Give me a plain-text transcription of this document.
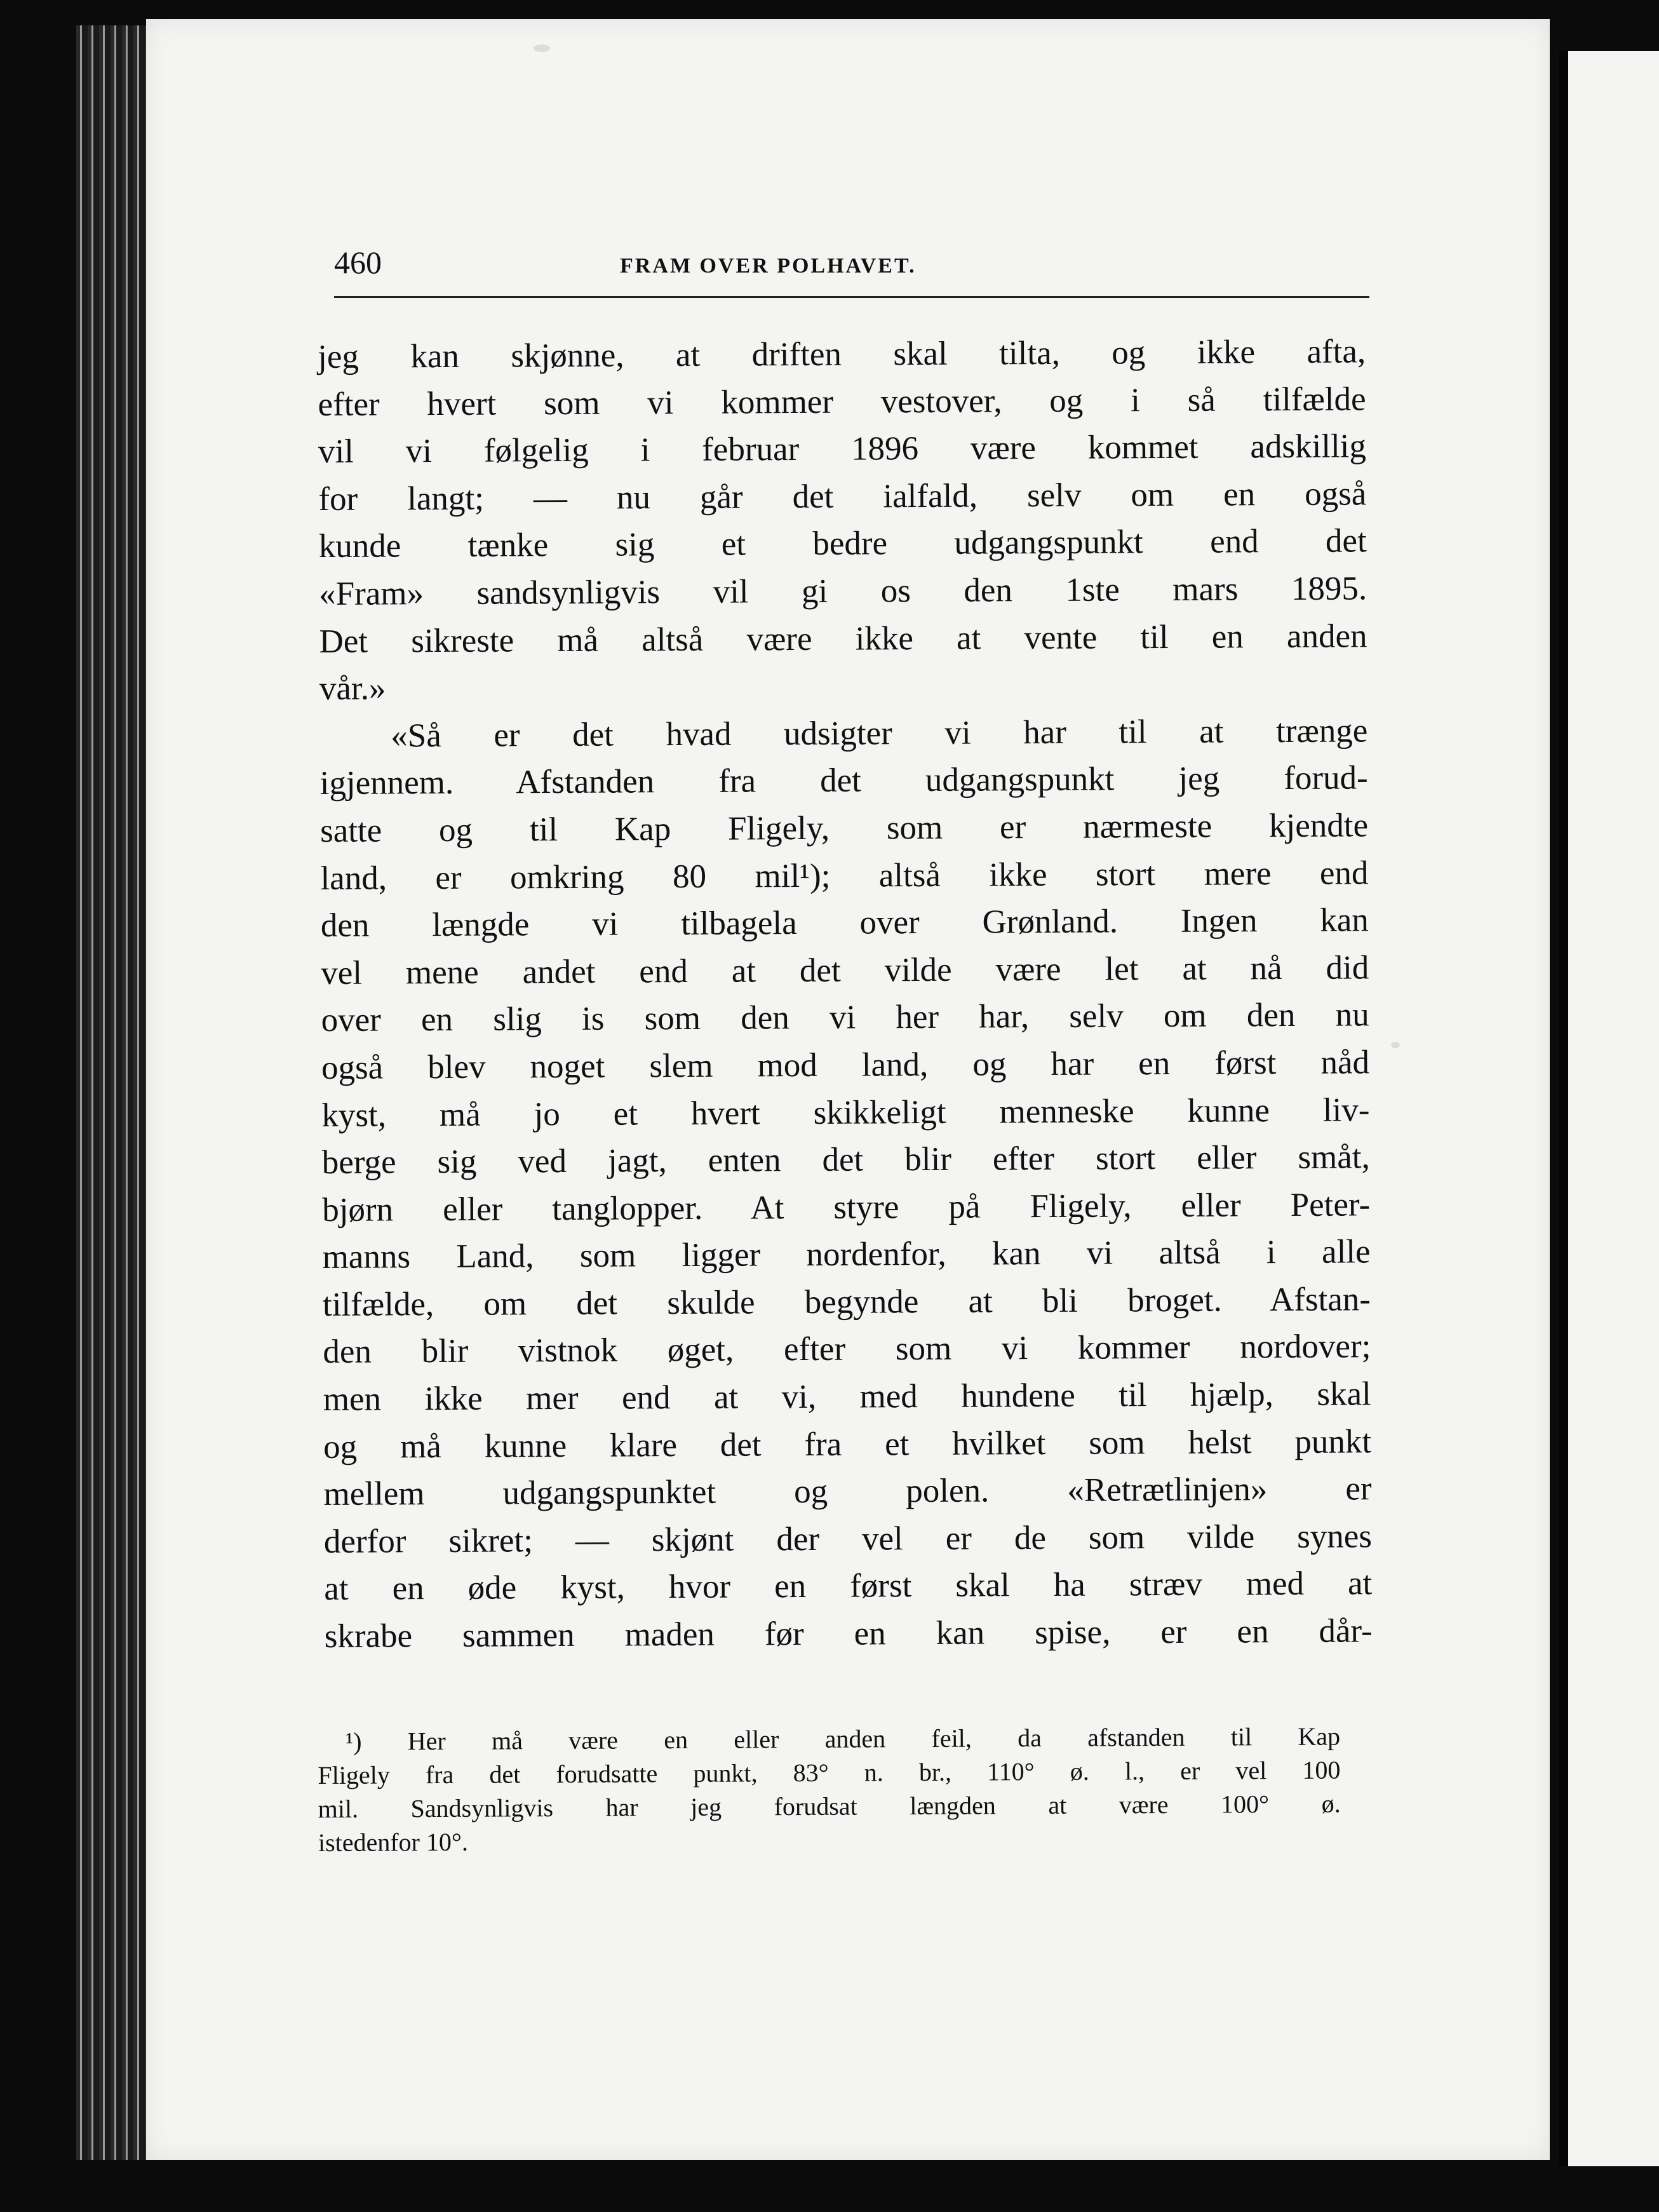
460	FRAM OVER POLHAVET.
jeg kan skjønne, at driften skal tilta, og ikke afta,
efter hvert som vi kommer vestover, og i så tilfælde
vil vi følgelig i februar 1896 være kommet adskillig
for langt; — nu går det ialfald, selv om en også
kunde tænke sig et bedre udgangspunkt end det
«Fram» sandsynligvis vil gi os den 1ste mars 1895.
Det sikreste må altså være ikke at vente til en anden
vår.»
«Så er det hvad udsigter vi har til at trænge
igjennem. Afstanden fra det udgangspunkt jeg forud-
satte og til Kap Fligely, som er nærmeste kjendte
land, er omkring 80 mil¹); altså ikke stort mere end
den længde vi tilbagela over Grønland. Ingen kan
vel mene andet end at det vilde være let at nå did
over en slig is som den vi her har, selv om den nu
også blev noget slem mod land, og har en først nåd
kyst, må jo et hvert skikkeligt menneske kunne liv-
berge sig ved jagt, enten det blir efter stort eller småt,
bjørn eller tanglopper. At styre på Fligely, eller Peter-
manns Land, som ligger nordenfor, kan vi altså i alle
tilfælde, om det skulde begynde at bli broget. Afstan-
den blir vistnok øget, efter som vi kommer nordover;
men ikke mer end at vi, med hundene til hjælp, skal
og må kunne klare det fra et hvilket som helst punkt
mellem udgangspunktet og polen. «Retrætlinjen» er
derfor sikret; — skjønt der vel er de som vilde synes
at en øde kyst, hvor en først skal ha stræv med at
skrabe sammen maden før en kan spise, er en dår-
¹) Her må være en eller anden feil, da afstanden til Kap
Fligely fra det forudsatte punkt, 83° n. br., 110° ø. l., er vel 100
mil. Sandsynligvis har jeg forudsat længden at være 100° ø.
istedenfor 10°.
